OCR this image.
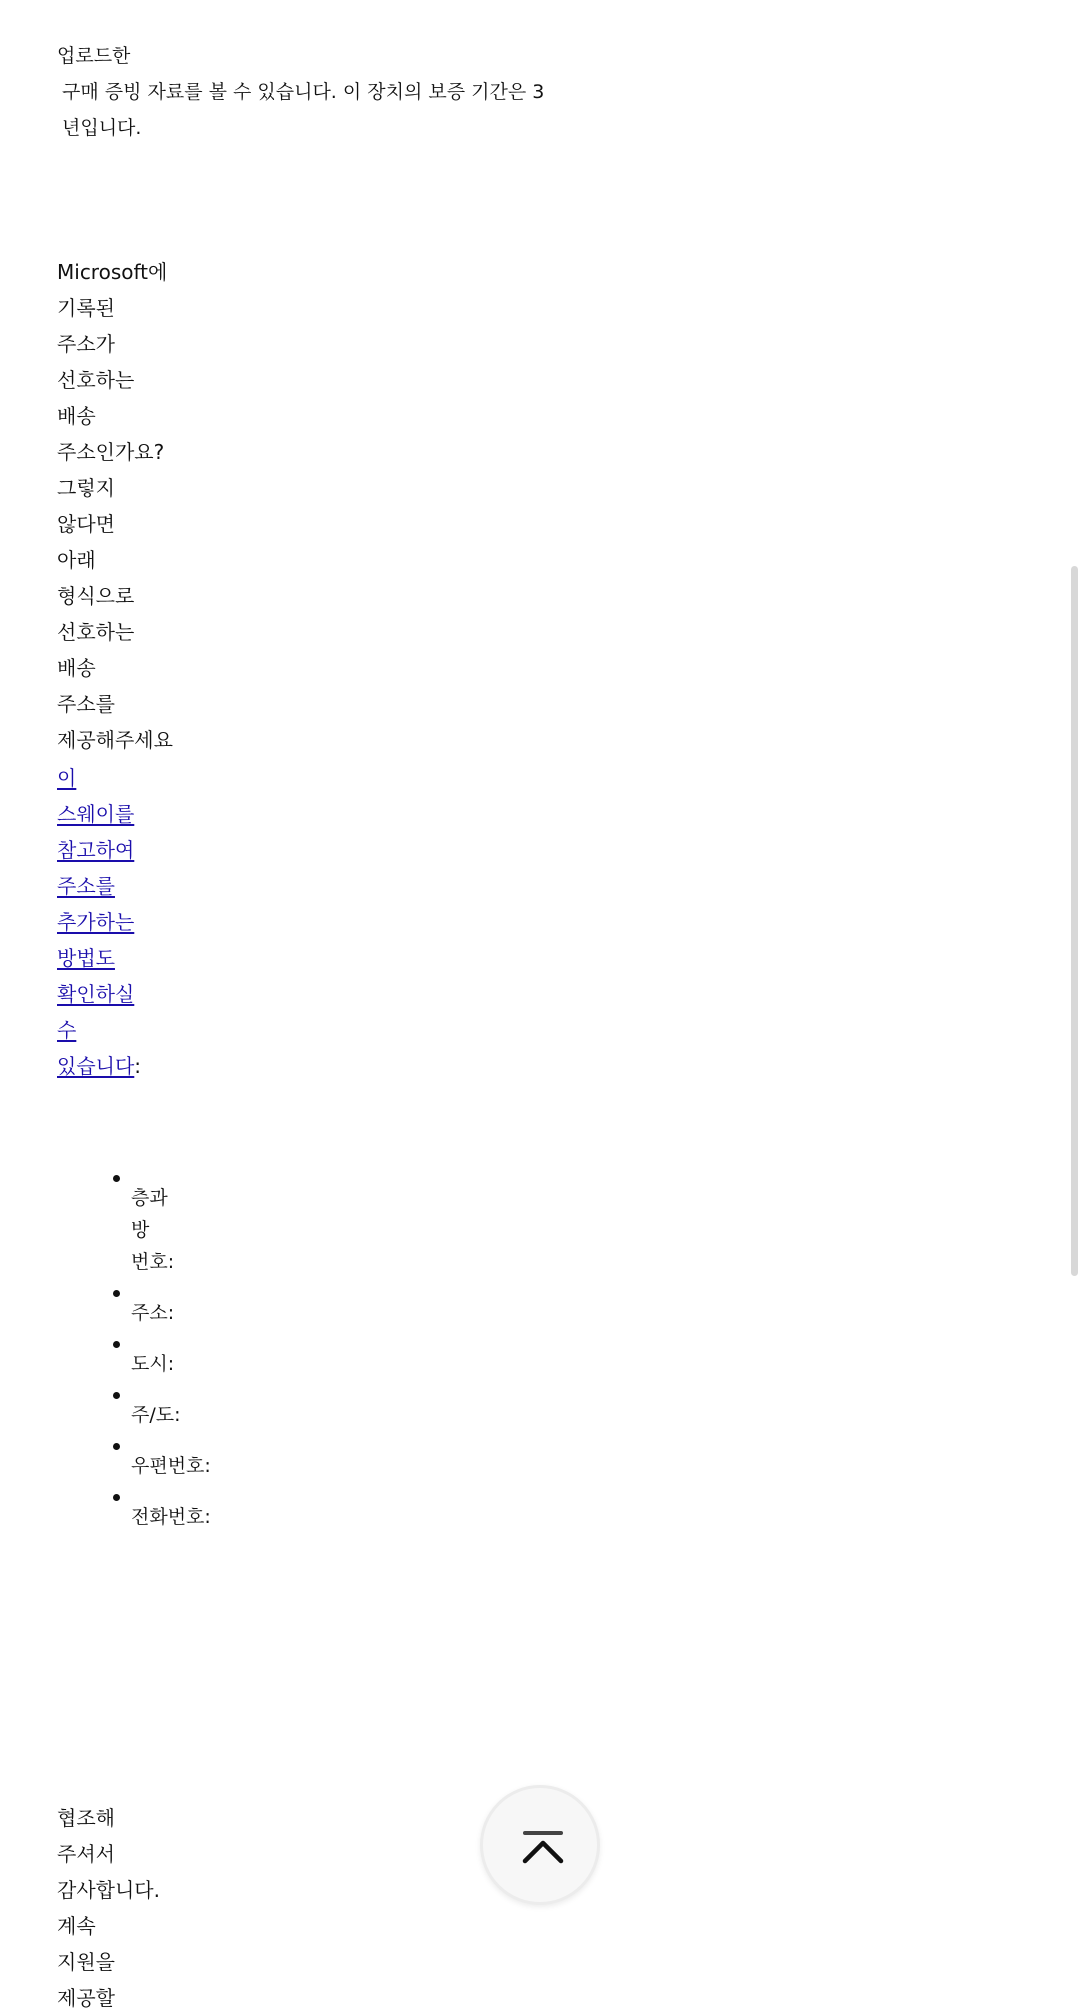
업로드한
구매 증빙 자료를 볼 수 있습니다. 이 장치의 보증 기간은 3
년입니다.
Microsoft에
기록된
주소가
선호하는
배송
주소인가요?
그렇지
않다면
아래
형식으로
선호하는
배송
주소를
제공해주세요
이
스웨이를
참고하여
주소를
추가하는
방법도
확인하실
수
있습니다:
층과
방
번호:
주소:
도시:
주/도:
우편번호:
전화번호:
협조해
주셔서
감사합니다.
계속
지원을
제공할
